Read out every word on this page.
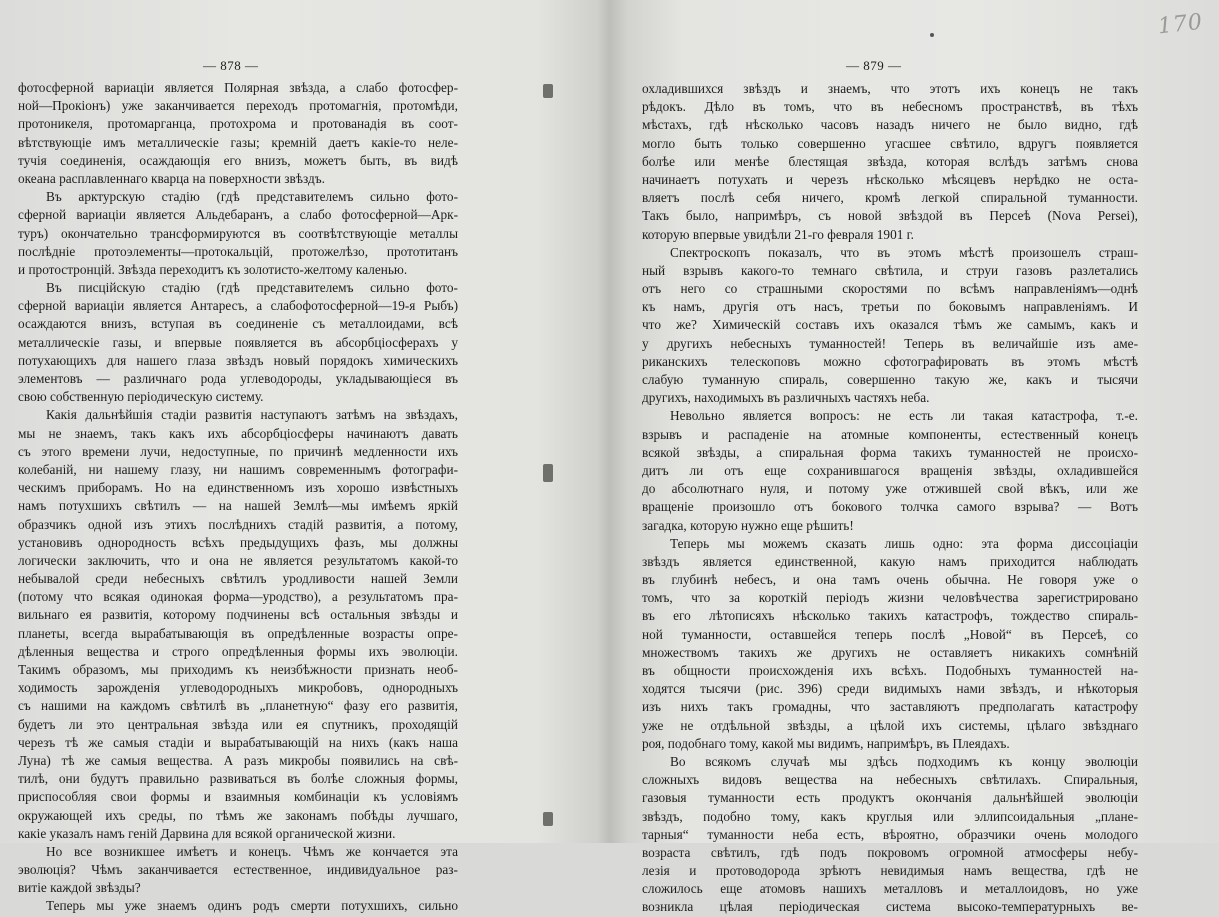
— 878 —
фотосферной вариацiи является Полярная звѣзда, а слабо фотосфер-
ной—Прокiонъ) уже заканчивается переходъ протомагнiя, протомѣди,
протоникеля, протомарганца, протохрома и протованадiя въ соот-
вѣтствующiе имъ металлическiе газы; кремнiй даетъ какiе-то неле-
тучiя соединенiя, осаждающiя его внизъ, можетъ быть, въ видѣ
океана расплавленнаго кварца на поверхности звѣздъ.
Въ арктурскую стадiю (гдѣ представителемъ сильно фото-
сферной вариацiи является Альдебаранъ, а слабо фотосферной—Арк-
туръ) окончательно трансформируются въ соотвѣтствующiе металлы
послѣднiе протоэлементы—протокальцiй, протожелѣзо, прототитанъ
и протостронцiй. Звѣзда переходитъ къ золотисто-желтому каленью.
Въ писцiйскую стадiю (гдѣ представителемъ сильно фото-
сферной вариацiи является Антаресъ, а слабофотосферной—19-я Рыбъ)
осаждаются внизъ, вступая въ соединенiе съ металлоидами, всѣ
металлическiе газы, и впервые появляется въ абсорбцiосферахъ у
потухающихъ для нашего глаза звѣздъ новый порядокъ химическихъ
элементовъ — различнаго рода углеводороды, укладывающiеся въ
свою собственную перiодическую систему.
Какiя дальнѣйшiя стадiи развитiя наступаютъ затѣмъ на звѣздахъ,
мы не знаемъ, такъ какъ ихъ абсорбцiосферы начинаютъ давать
съ этого времени лучи, недоступные, по причинѣ медленности ихъ
колебанiй, ни нашему глазу, ни нашимъ современнымъ фотографи-
ческимъ приборамъ. Но на единственномъ изъ хорошо извѣстныхъ
намъ потухшихъ свѣтилъ — на нашей Землѣ—мы имѣемъ яркiй
образчикъ одной изъ этихъ послѣднихъ стадiй развитiя, а потому,
установивъ однородность всѣхъ предыдущихъ фазъ, мы должны
логически заключить, что и она не является результатомъ какой-то
небывалой среди небесныхъ свѣтилъ уродливости нашей Земли
(потому что всякая одинокая форма—уродство), а результатомъ пра-
вильнаго ея развитiя, которому подчинены всѣ остальныя звѣзды и
планеты, всегда вырабатывающiя въ опредѣленные возрасты опре-
дѣленныя вещества и строго опредѣленныя формы ихъ эволюцiи.
Такимъ образомъ, мы приходимъ къ неизбѣжности признать необ-
ходимость зарожденiя углеводородныхъ микробовъ, однородныхъ
съ нашими на каждомъ свѣтилѣ въ „планетную“ фазу его развитiя,
будетъ ли это центральная звѣзда или ея спутникъ, проходящiй
черезъ тѣ же самыя стадiи и вырабатывающiй на нихъ (какъ наша
Луна) тѣ же самыя вещества. А разъ микробы появились на свѣ-
тилѣ, они будутъ правильно развиваться въ болѣе сложныя формы,
приспособляя свои формы и взаимныя комбинацiи къ условiямъ
окружающей ихъ среды, по тѣмъ же законамъ побѣды лучшаго,
какiе указалъ намъ генiй Дарвина для всякой органической жизни.
Но все возникшее имѣетъ и конецъ. Чѣмъ же кончается эта
эволюцiя? Чѣмъ заканчивается естественное, индивидуальное раз-
витiе каждой звѣзды?
Теперь мы уже знаемъ одинъ родъ смерти потухшихъ, сильно
— 879 —
охладившихся звѣздъ и знаемъ, что этотъ ихъ конецъ не такъ
рѣдокъ. Дѣло въ томъ, что въ небесномъ пространствѣ, въ тѣхъ
мѣстахъ, гдѣ нѣсколько часовъ назадъ ничего не было видно, гдѣ
могло быть только совершенно угасшее свѣтило, вдругъ появляется
болѣе или менѣе блестящая звѣзда, которая вслѣдъ затѣмъ снова
начинаетъ потухать и черезъ нѣсколько мѣсяцевъ нерѣдко не оста-
вляетъ послѣ себя ничего, кромѣ легкой спиральной туманности.
Такъ было, напримѣръ, съ новой звѣздой въ Персеѣ (Nova Persei),
которую впервые увидѣли 21-го февраля 1901 г.
Спектроскопъ показалъ, что въ этомъ мѣстѣ произошелъ страш-
ный взрывъ какого-то темнаго свѣтила, и струи газовъ разлетались
отъ него со страшными скоростями по всѣмъ направленiямъ—однѣ
къ намъ, другiя отъ насъ, третьи по боковымъ направленiямъ. И
что же? Химическiй составъ ихъ оказался тѣмъ же самымъ, какъ и
у другихъ небесныхъ туманностей! Теперь въ величайшiе изъ аме-
риканскихъ телескоповъ можно сфотографировать въ этомъ мѣстѣ
слабую туманную спираль, совершенно такую же, какъ и тысячи
другихъ, находимыхъ въ различныхъ частяхъ неба.
Невольно является вопросъ: не есть ли такая катастрофа, т.-е.
взрывъ и распаденiе на атомные компоненты, естественный конецъ
всякой звѣзды, а спиральная форма такихъ туманностей не происхо-
дитъ ли отъ еще сохранившагося вращенiя звѣзды, охладившейся
до абсолютнаго нуля, и потому уже отжившей свой вѣкъ, или же
вращенiе произошло отъ бокового толчка самого взрыва? — Вотъ
загадка, которую нужно еще рѣшить!
Теперь мы можемъ сказать лишь одно: эта форма диссоцiацiи
звѣздъ является единственной, какую намъ приходится наблюдать
въ глубинѣ небесъ, и она тамъ очень обычна. Не говоря уже о
томъ, что за короткiй перiодъ жизни человѣчества зарегистрировано
въ его лѣтописяхъ нѣсколько такихъ катастрофъ, тождество спираль-
ной туманности, оставшейся теперь послѣ „Новой“ въ Персеѣ, со
множествомъ такихъ же другихъ не оставляетъ никакихъ сомнѣнiй
въ общности происхожденiя ихъ всѣхъ. Подобныхъ туманностей на-
ходятся тысячи (рис. 396) среди видимыхъ нами звѣздъ, и нѣкоторыя
изъ нихъ такъ громадны, что заставляютъ предполагать катастрофу
уже не отдѣльной звѣзды, а цѣлой ихъ системы, цѣлаго звѣзднаго
роя, подобнаго тому, какой мы видимъ, напримѣръ, въ Плеядахъ.
Во всякомъ случаѣ мы здѣсь подходимъ къ концу эволюцiи
сложныхъ видовъ вещества на небесныхъ свѣтилахъ. Спиральныя,
газовыя туманности есть продуктъ окончанiя дальнѣйшей эволюцiи
звѣздъ, подобно тому, какъ круглыя или эллипсоидальныя „плане-
тарныя“ туманности неба есть, вѣроятно, образчики очень молодого
возраста свѣтилъ, гдѣ подъ покровомъ огромной атмосферы небу-
лезiя и протоводорода зрѣютъ невидимыя намъ вещества, гдѣ не
сложилось еще атомовъ нашихъ металловъ и металлоидовъ, но уже
возникла цѣлая перiодическая система высоко-температурныхъ ве-
170
